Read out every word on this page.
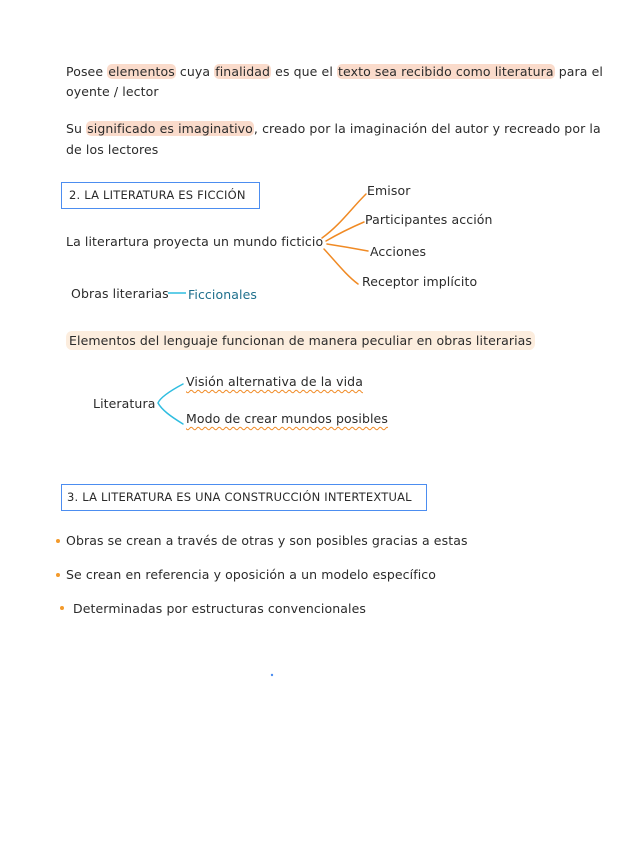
Posee elementos cuya finalidad es que el texto sea recibido como literatura para el
oyente / lector
Su significado es imaginativo, creado por la imaginación del autor y recreado por la
de los lectores
2. LA LITERATURA ES FICCIÓN
La literartura proyecta un mundo ficticio
Emisor
Participantes acción
Acciones
Receptor implícito
Obras literarias Ficcionales
Elementos del lenguaje funcionan de manera peculiar en obras literarias
Literatura
Visión alternativa de la vida
Modo de crear mundos posibles
3. LA LITERATURA ES UNA CONSTRUCCIÓN INTERTEXTUAL
Obras se crean a través de otras y son posibles gracias a estas
Se crean en referencia y oposición a un modelo específico
Determinadas por estructuras convencionales
